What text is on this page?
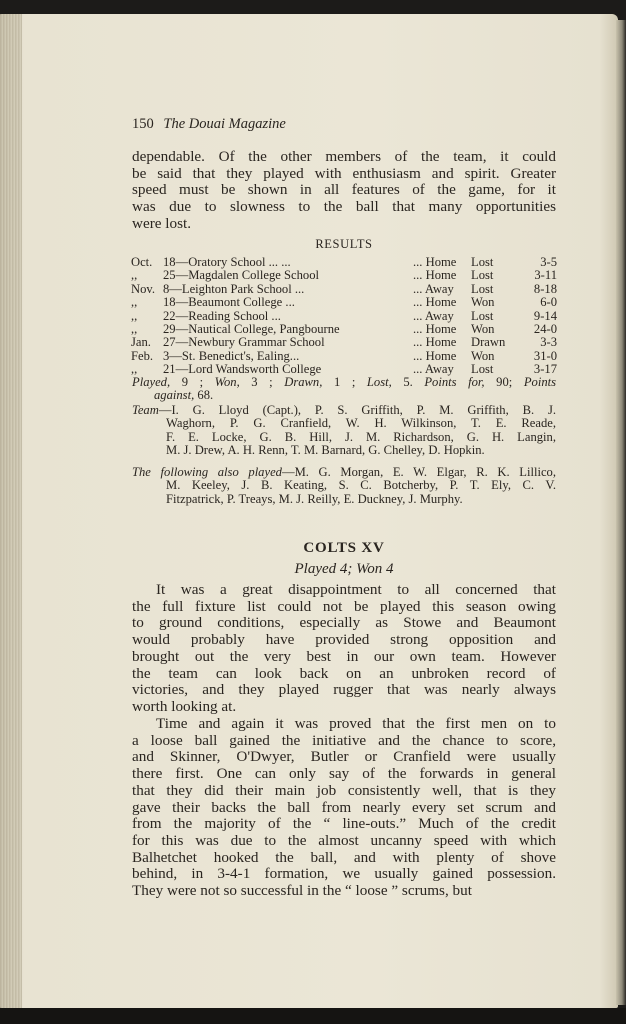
150 The Douai Magazine

dependable. Of the other members of the team, it could
be said that they played with enthusiasm and spirit. Greater
speed must be shown in all features of the game, for it
was due to slowness to the ball that many opportunities
were lost.

RESULTS
Oct.	18—Oratory School ... ...	... Home	Lost	3-5
,,	25—Magdalen College School	... Home	Lost	3-11
Nov.	8—Leighton Park School ...	... Away	Lost	8-18
,,	18—Beaumont College ...	... Home	Won	6-0
,,	22—Reading School ...	... Away	Lost	9-14
,,	29—Nautical College, Pangbourne	... Home	Won	24-0
Jan.	27—Newbury Grammar School	... Home	Drawn	3-3
Feb.	3—St. Benedict's, Ealing...	... Home	Won	31-0
,,	21—Lord Wandsworth College	... Away	Lost	3-17

Played, 9 ; Won, 3 ; Drawn, 1 ; Lost, 5. Points for, 90; Points
against, 68.

Team—I. G. Lloyd (Capt.), P. S. Griffith, P. M. Griffith, B. J.
Waghorn, P. G. Cranfield, W. H. Wilkinson, T. E. Reade,
F. E. Locke, G. B. Hill, J. M. Richardson, G. H. Langin,
M. J. Drew, A. H. Renn, T. M. Barnard, G. Chelley, D. Hopkin.

The following also played—M. G. Morgan, E. W. Elgar, R. K. Lillico,
M. Keeley, J. B. Keating, S. C. Botcherby, P. T. Ely, C. V.
Fitzpatrick, P. Treays, M. J. Reilly, E. Duckney, J. Murphy.

COLTS XV
Played 4; Won 4

It was a great disappointment to all concerned that
the full fixture list could not be played this season owing
to ground conditions, especially as Stowe and Beaumont
would probably have provided strong opposition and
brought out the very best in our own team. However
the team can look back on an unbroken record of
victories, and they played rugger that was nearly always
worth looking at.

Time and again it was proved that the first men on to
a loose ball gained the initiative and the chance to score,
and Skinner, O'Dwyer, Butler or Cranfield were usually
there first. One can only say of the forwards in general
that they did their main job consistently well, that is they
gave their backs the ball from nearly every set scrum and
from the majority of the “ line-outs.” Much of the credit
for this was due to the almost uncanny speed with which
Balhetchet hooked the ball, and with plenty of shove
behind, in 3-4-1 formation, we usually gained possession.
They were not so successful in the “ loose ” scrums, but
